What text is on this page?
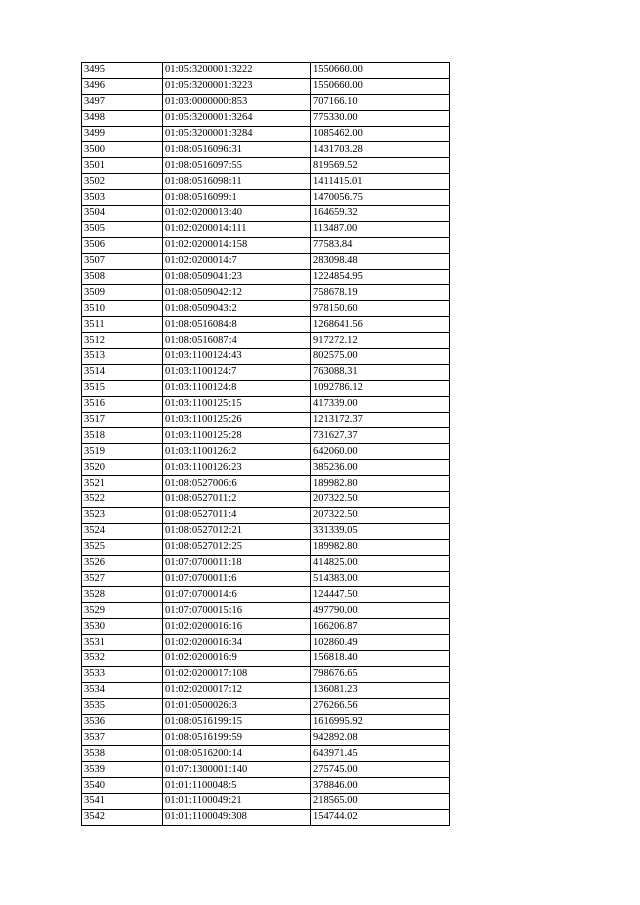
3495	01:05:3200001:3222	1550660.00
3496	01:05:3200001:3223	1550660.00
3497	01:03:0000000:853	707166.10
3498	01:05:3200001:3264	775330.00
3499	01:05:3200001:3284	1085462.00
3500	01:08:0516096:31	1431703.28
3501	01:08:0516097:55	819569.52
3502	01:08:0516098:11	1411415.01
3503	01:08:0516099:1	1470056.75
3504	01:02:0200013:40	164659.32
3505	01:02:0200014:111	113487.00
3506	01:02:0200014:158	77583.84
3507	01:02:0200014:7	283098.48
3508	01:08:0509041:23	1224854.95
3509	01:08:0509042:12	758678.19
3510	01:08:0509043:2	978150.60
3511	01:08:0516084:8	1268641.56
3512	01:08:0516087:4	917272.12
3513	01:03:1100124:43	802575.00
3514	01:03:1100124:7	763088.31
3515	01:03:1100124:8	1092786.12
3516	01:03:1100125:15	417339.00
3517	01:03:1100125:26	1213172.37
3518	01:03:1100125:28	731627.37
3519	01:03:1100126:2	642060.00
3520	01:03:1100126:23	385236.00
3521	01:08:0527006:6	189982.80
3522	01:08:0527011:2	207322.50
3523	01:08:0527011:4	207322.50
3524	01:08:0527012:21	331339.05
3525	01:08:0527012:25	189982.80
3526	01:07:0700011:18	414825.00
3527	01:07:0700011:6	514383.00
3528	01:07:0700014:6	124447.50
3529	01:07:0700015:16	497790.00
3530	01:02:0200016:16	166206.87
3531	01:02:0200016:34	102860.49
3532	01:02:0200016:9	156818.40
3533	01:02:0200017:108	798676.65
3534	01:02:0200017:12	136081.23
3535	01:01:0500026:3	276266.56
3536	01:08:0516199:15	1616995.92
3537	01:08:0516199:59	942892.08
3538	01:08:0516200:14	643971.45
3539	01:07:1300001:140	275745.00
3540	01:01:1100048:5	378846.00
3541	01:01:1100049:21	218565.00
3542	01:01:1100049:308	154744.02
